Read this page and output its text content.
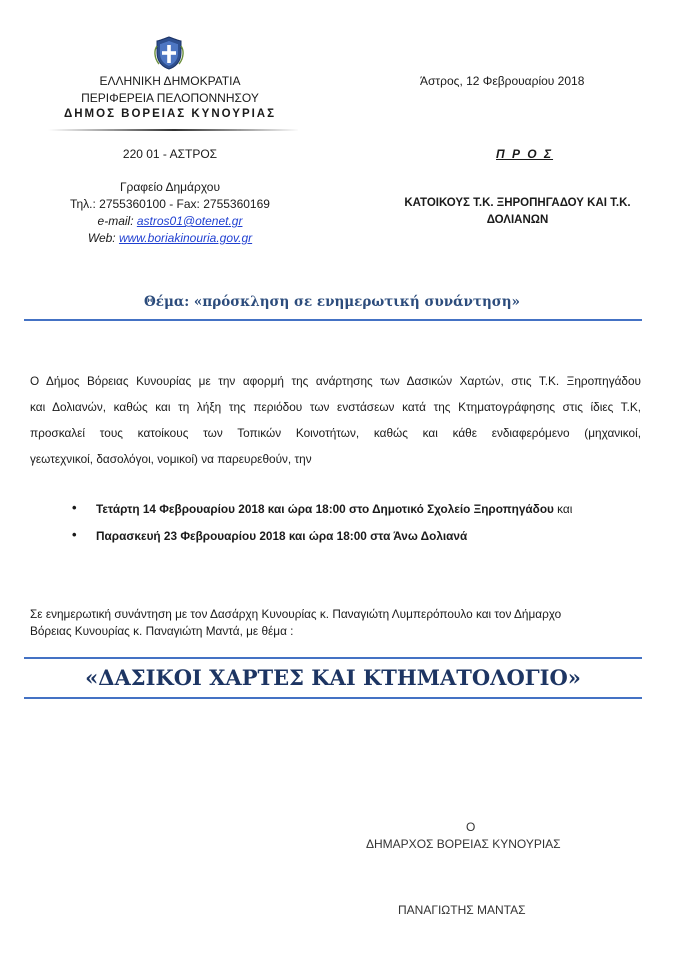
ΕΛΛΗΝΙΚΗ ΔΗΜΟΚΡΑΤΙΑ
ΠΕΡΙΦΕΡΕΙΑ ΠΕΛΟΠΟΝΝΗΣΟΥ
ΔΗΜΟΣ ΒΟΡΕΙΑΣ ΚΥΝΟΥΡΙΑΣ
220 01 - ΑΣΤΡΟΣ
Γραφείο Δημάρχου
Τηλ.: 2755360100 - Fax: 2755360169
e-mail: astros01@otenet.gr
Web: www.boriakinouria.gov.gr
Άστρος, 12 Φεβρουαρίου 2018
Π Ρ Ο Σ
ΚΑΤΟΙΚΟΥΣ Τ.Κ. ΞΗΡΟΠΗΓΑΔΟΥ ΚΑΙ Τ.Κ.
ΔΟΛΙΑΝΩΝ
Θέμα: «πρόσκληση σε ενημερωτική συνάντηση»
Ο Δήμος Βόρειας Κυνουρίας με την αφορμή της ανάρτησης των Δασικών Χαρτών, στις Τ.Κ. Ξηροπηγάδου
και Δολιανών, καθώς και τη λήξη της περιόδου των ενστάσεων κατά της Κτηματογράφησης στις ίδιες Τ.Κ,
προσκαλεί τους κατοίκους των Τοπικών Κοινοτήτων, καθώς και κάθε ενδιαφερόμενο (μηχανικοί,
γεωτεχνικοί, δασολόγοι, νομικοί) να παρευρεθούν, την
• Τετάρτη 14 Φεβρουαρίου 2018 και ώρα 18:00 στο Δημοτικό Σχολείο Ξηροπηγάδου και
• Παρασκευή 23 Φεβρουαρίου 2018 και ώρα 18:00 στα Άνω Δολιανά
Σε ενημερωτική συνάντηση με τον Δασάρχη Κυνουρίας κ. Παναγιώτη Λυμπερόπουλο και τον Δήμαρχο
Βόρειας Κυνουρίας κ. Παναγιώτη Μαντά, με θέμα :
«ΔΑΣΙΚΟΙ ΧΑΡΤΕΣ ΚΑΙ ΚΤΗΜΑΤΟΛΟΓΙΟ»
Ο
ΔΗΜΑΡΧΟΣ ΒΟΡΕΙΑΣ ΚΥΝΟΥΡΙΑΣ
ΠΑΝΑΓΙΩΤΗΣ ΜΑΝΤΑΣ
